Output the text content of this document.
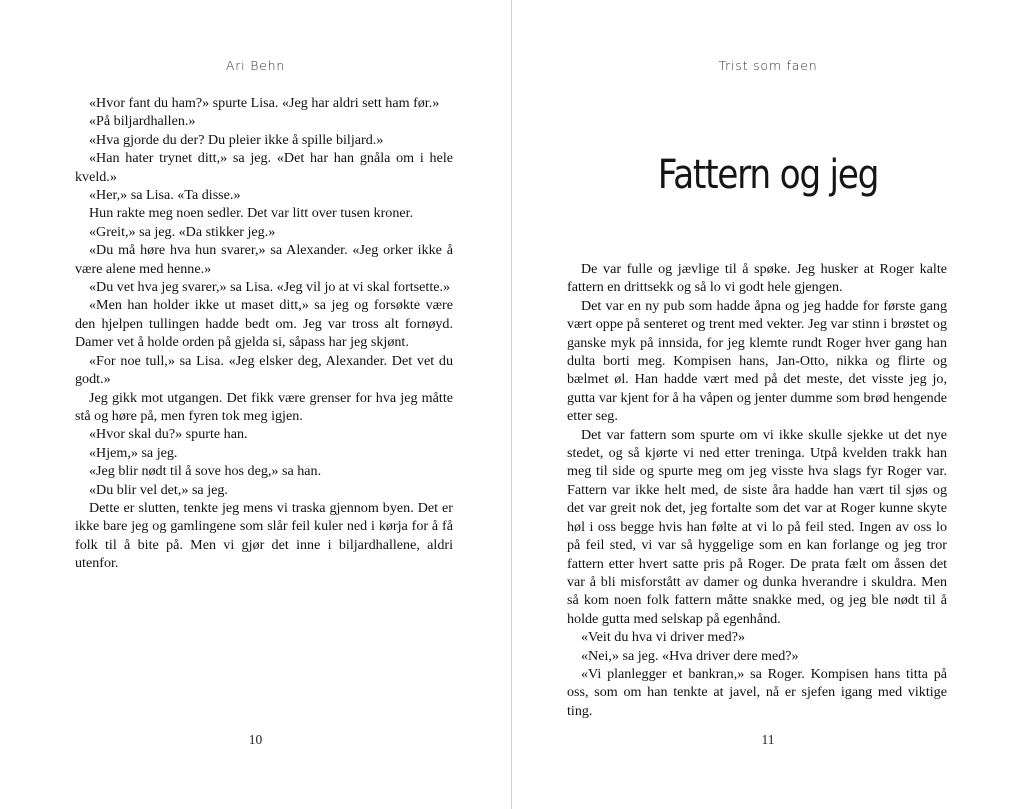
Ari Behn

«Hvor fant du ham?» spurte Lisa. «Jeg har aldri sett ham før.»

«På biljardhallen.»

«Hva gjorde du der? Du pleier ikke å spille biljard.»

«Han hater trynet ditt,» sa jeg. «Det har han gnåla om i hele kveld.»

«Her,» sa Lisa. «Ta disse.»

Hun rakte meg noen sedler. Det var litt over tusen kroner.

«Greit,» sa jeg. «Da stikker jeg.»

«Du må høre hva hun svarer,» sa Alexander. «Jeg orker ikke å være alene med henne.»

«Du vet hva jeg svarer,» sa Lisa. «Jeg vil jo at vi skal fortsette.»

«Men han holder ikke ut maset ditt,» sa jeg og forsøkte være den hjelpen tullingen hadde bedt om. Jeg var tross alt fornøyd. Damer vet å holde orden på gjelda si, såpass har jeg skjønt.

«For noe tull,» sa Lisa. «Jeg elsker deg, Alexander. Det vet du godt.»

Jeg gikk mot utgangen. Det fikk være grenser for hva jeg måtte stå og høre på, men fyren tok meg igjen.

«Hvor skal du?» spurte han.

«Hjem,» sa jeg.

«Jeg blir nødt til å sove hos deg,» sa han.

«Du blir vel det,» sa jeg.

Dette er slutten, tenkte jeg mens vi traska gjennom byen. Det er ikke bare jeg og gamlingene som slår feil kuler ned i kørja for å få folk til å bite på. Men vi gjør det inne i biljardhallene, aldri utenfor.

10
Trist som faen
Fattern og jeg
11

De var fulle og jævlige til å spøke. Jeg husker at Roger kalte fattern en drittsekk og så lo vi godt hele gjengen.

Det var en ny pub som hadde åpna og jeg hadde for første gang vært oppe på senteret og trent med vekter. Jeg var stinn i brøstet og ganske myk på innsida, for jeg klemte rundt Roger hver gang han dulta borti meg. Kompisen hans, Jan-Otto, nikka og flirte og bælmet øl. Han hadde vært med på det meste, det visste jeg jo, gutta var kjent for å ha våpen og jenter dumme som brød hengende etter seg.

Det var fattern som spurte om vi ikke skulle sjekke ut det nye stedet, og så kjørte vi ned etter treninga. Utpå kvelden trakk han meg til side og spurte meg om jeg visste hva slags fyr Roger var. Fattern var ikke helt med, de siste åra hadde han vært til sjøs og det var greit nok det, jeg fortalte som det var at Roger kunne skyte høl i oss begge hvis han følte at vi lo på feil sted. Ingen av oss lo på feil sted, vi var så hyggelige som en kan forlange og jeg tror fattern etter hvert satte pris på Roger. De prata fælt om åssen det var å bli misforstått av damer og dunka hverandre i skuldra. Men så kom noen folk fattern måtte snakke med, og jeg ble nødt til å holde gutta med selskap på egenhånd.

«Veit du hva vi driver med?»

«Nei,» sa jeg. «Hva driver dere med?»

«Vi planlegger et bankran,» sa Roger. Kompisen hans titta på oss, som om han tenkte at javel, nå er sjefen igang med viktige ting.
